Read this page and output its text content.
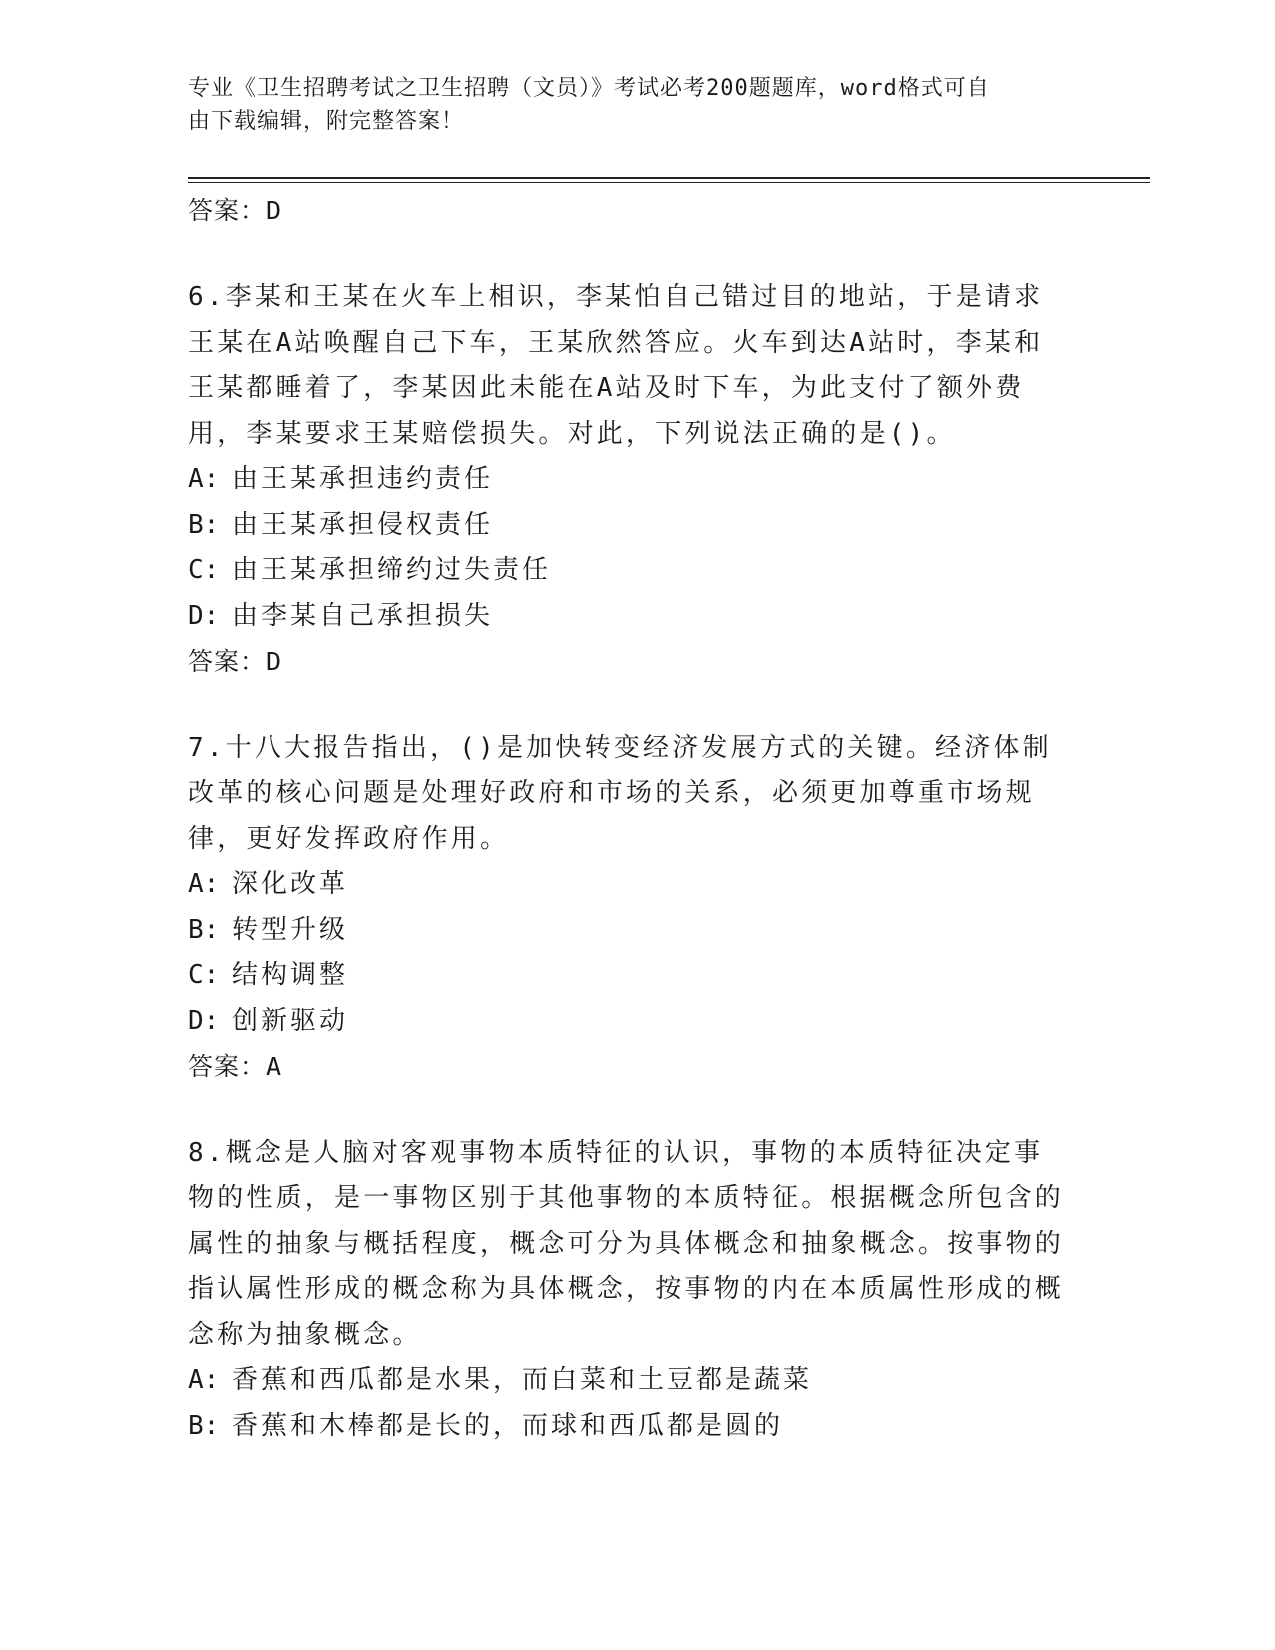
专业《卫生招聘考试之卫生招聘（文员）》考试必考200题题库，word格式可自
由下载编辑，附完整答案！
答案：D
6.李某和王某在火车上相识，李某怕自己错过目的地站，于是请求王某在A站唤醒自己下车，王某欣然答应。火车到达A站时，李某和王某都睡着了，李某因此未能在A站及时下车，为此支付了额外费用，李某要求王某赔偿损失。对此，下列说法正确的是()。
A: 由王某承担违约责任
B: 由王某承担侵权责任
C: 由王某承担缔约过失责任
D: 由李某自己承担损失
答案：D
7.十八大报告指出，()是加快转变经济发展方式的关键。经济体制改革的核心问题是处理好政府和市场的关系，必须更加尊重市场规律，更好发挥政府作用。
A: 深化改革
B: 转型升级
C: 结构调整
D: 创新驱动
答案：A
8.概念是人脑对客观事物本质特征的认识，事物的本质特征决定事物的性质，是一事物区别于其他事物的本质特征。根据概念所包含的属性的抽象与概括程度，概念可分为具体概念和抽象概念。按事物的指认属性形成的概念称为具体概念，按事物的内在本质属性形成的概念称为抽象概念。
A: 香蕉和西瓜都是水果，而白菜和土豆都是蔬菜
B: 香蕉和木棒都是长的，而球和西瓜都是圆的
